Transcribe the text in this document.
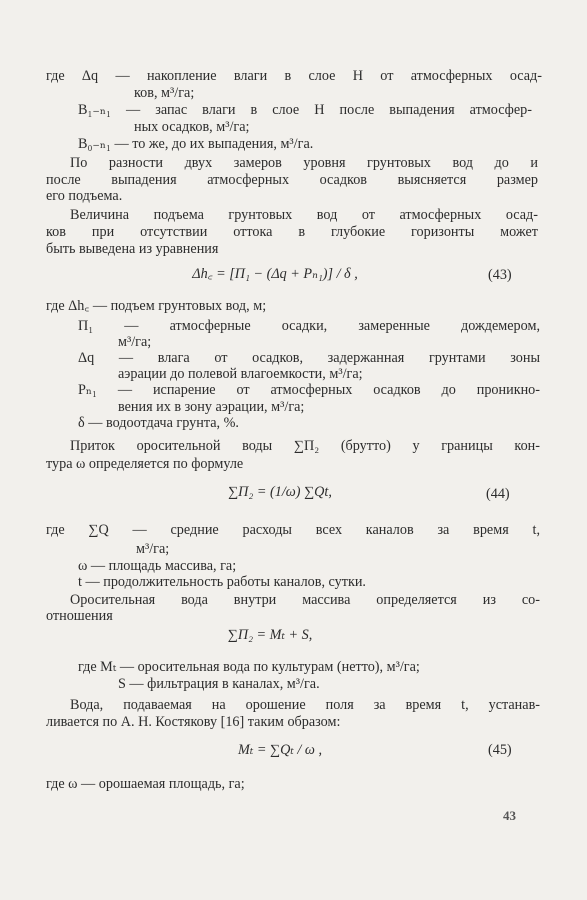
где Δq — накопление влаги в слое H от атмосферных осад-
ков, м³/га;
B₁₋ₙ₁ — запас влаги в слое H после выпадения атмосфер-
ных осадков, м³/га;
B₀₋ₙ₁ — то же, до их выпадения, м³/га.
По разности двух замеров уровня грунтовых вод до и
после выпадения атмосферных осадков выясняется размер
его подъема.
Величина подъема грунтовых вод от атмосферных осад-
ков при отсутствии оттока в глубокие горизонты может
быть выведена из уравнения
Δh꜀ = [П₁ − (Δq + Pₙ₁)] / δ ,	(43)
где Δh꜀ — подъем грунтовых вод, м;
П₁ — атмосферные осадки, замеренные дождемером,
м³/га;
Δq — влага от осадков, задержанная грунтами зоны
аэрации до полевой влагоемкости, м³/га;
Pₙ₁ — испарение от атмосферных осадков до проникно-
вения их в зону аэрации, м³/га;
δ — водоотдача грунта, %.
Приток оросительной воды ∑П₂ (брутто) у границы кон-
тура ω определяется по формуле
∑П₂ = (1/ω) ∑Qt,	(44)
где ∑Q — средние расходы всех каналов за время t,
м³/га;
ω — площадь массива, га;
t — продолжительность работы каналов, сутки.
Оросительная вода внутри массива определяется из со-
отношения
∑П₂ = Mₜ + S,
где Mₜ — оросительная вода по культурам (нетто), м³/га;
S — фильтрация в каналах, м³/га.
Вода, подаваемая на орошение поля за время t, устанав-
ливается по А. Н. Костякову [16] таким образом:
Mₜ = ∑Qₜ / ω ,	(45)
где ω — орошаемая площадь, га;
43
